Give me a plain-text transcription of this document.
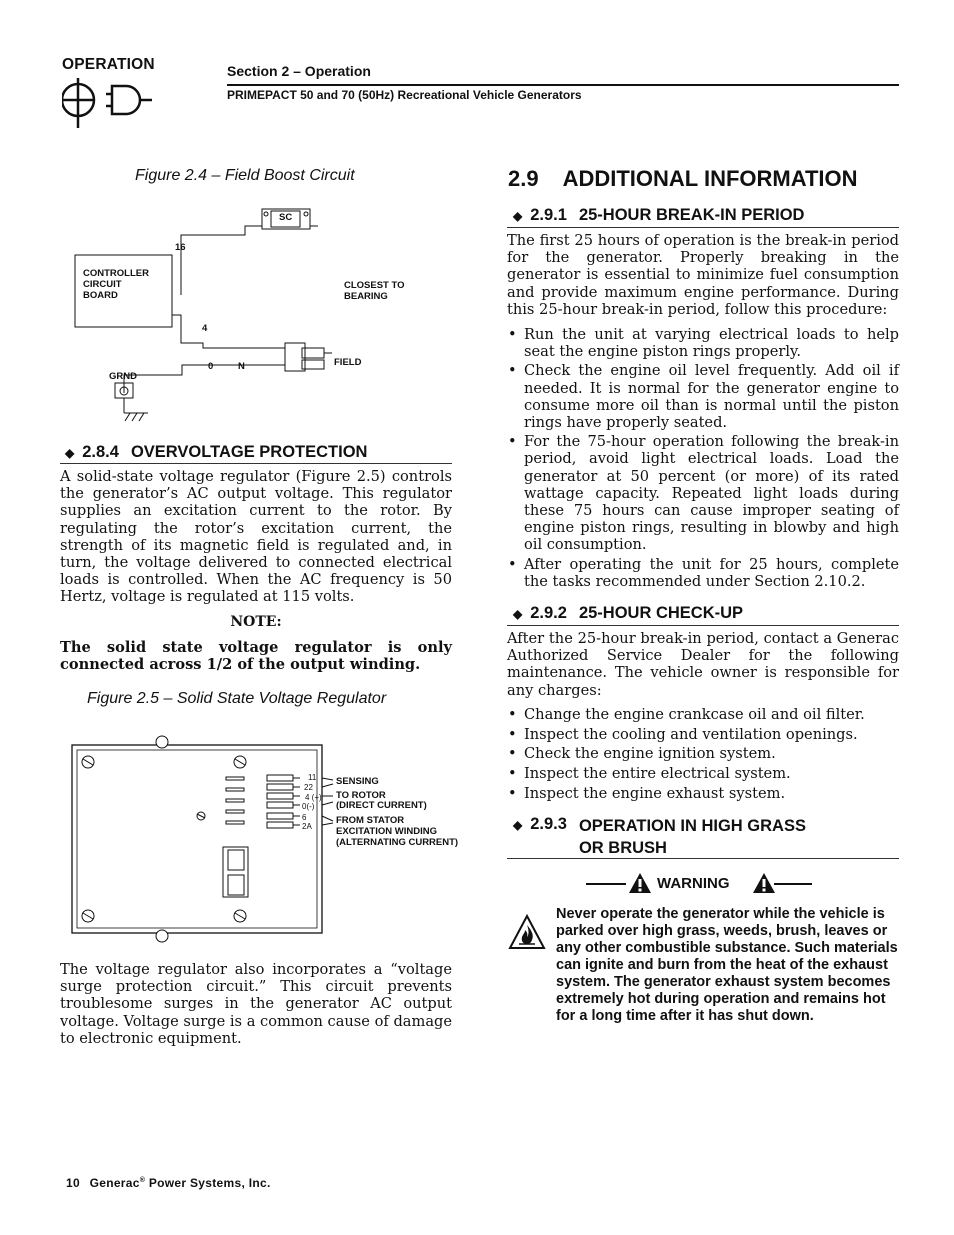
OPERATION	Section 2 – Operation
PRIMEPACT 50 and 70 (50Hz) Recreational Vehicle Generators
Figure 2.4 – Field Boost Circuit
SC
16
CONTROLLER CIRCUIT BOARD
CLOSEST TO BEARING
4
GRND
0	N	FIELD
◆ 2.8.4 OVERVOLTAGE PROTECTION
A solid-state voltage regulator (Figure 2.5) controls the generator’s AC output voltage. This regulator supplies an excitation current to the rotor. By regulating the rotor’s excitation current, the strength of its magnetic field is regulated and, in turn, the voltage delivered to connected electrical loads is controlled. When the AC frequency is 50 Hertz, voltage is regulated at 115 volts.
NOTE:
The solid state voltage regulator is only connected across 1/2 of the output winding.
Figure 2.5 – Solid State Voltage Regulator
11
22
4 (+)
0(-)
6
2A
SENSING
TO ROTOR
(DIRECT CURRENT)
FROM STATOR
EXCITATION WINDING
(ALTERNATING CURRENT)
The voltage regulator also incorporates a “voltage surge protection circuit.” This circuit prevents troublesome surges in the generator AC output voltage. Voltage surge is a common cause of damage to electronic equipment.
2.9 ADDITIONAL INFORMATION
◆ 2.9.1 25-HOUR BREAK-IN PERIOD
The first 25 hours of operation is the break-in period for the generator. Properly breaking in the generator is essential to minimize fuel consumption and provide maximum engine performance. During this 25-hour break-in period, follow this procedure:
• Run the unit at varying electrical loads to help seat the engine piston rings properly.
• Check the engine oil level frequently. Add oil if needed. It is normal for the generator engine to consume more oil than is normal until the piston rings have properly seated.
• For the 75-hour operation following the break-in period, avoid light electrical loads. Load the generator at 50 percent (or more) of its rated wattage capacity. Repeated light loads during these 75 hours can cause improper seating of engine piston rings, resulting in blowby and high oil consumption.
• After operating the unit for 25 hours, complete the tasks recommended under Section 2.10.2.
◆ 2.9.2 25-HOUR CHECK-UP
After the 25-hour break-in period, contact a Generac Authorized Service Dealer for the following maintenance. The vehicle owner is responsible for any charges:
• Change the engine crankcase oil and oil filter.
• Inspect the cooling and ventilation openings.
• Check the engine ignition system.
• Inspect the entire electrical system.
• Inspect the engine exhaust system.
◆ 2.9.3 OPERATION IN HIGH GRASS
OR BRUSH
WARNING
Never operate the generator while the vehicle is parked over high grass, weeds, brush, leaves or any other combustible substance. Such materials can ignite and burn from the heat of the exhaust system. The generator exhaust system becomes extremely hot during operation and remains hot for a long time after it has shut down.
10 Generac® Power Systems, Inc.
